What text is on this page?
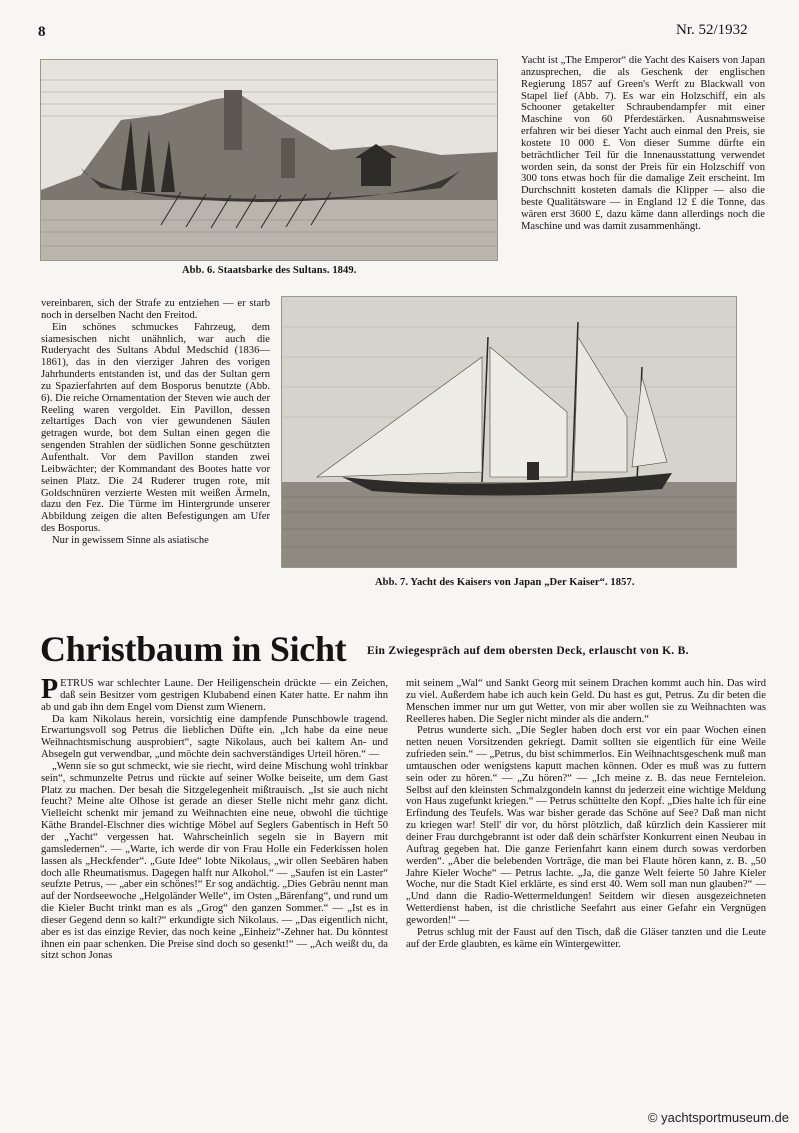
8	Nr. 52/1932
Abb. 6. Staatsbarke des Sultans. 1849.

Yacht ist „The Emperor“ die Yacht des Kaisers von Japan anzusprechen, die als Geschenk der englischen Regierung 1857 auf Green's Werft zu Blackwall von Stapel lief (Abb. 7). Es war ein Holzschiff, ein als Schooner getakelter Schraubendampfer mit einer Maschine von 60 Pferdestärken. Ausnahmsweise erfahren wir bei dieser Yacht auch einmal den Preis, sie kostete 10 000 £. Von dieser Summe dürfte ein beträchtlicher Teil für die Innenausstattung verwendet worden sein, da sonst der Preis für ein Holzschiff von 300 tons etwas hoch für die damalige Zeit erscheint. Im Durchschnitt kosteten damals die Klipper — also die beste Qualitätsware — in England 12 £ die Tonne, das wären erst 3600 £, dazu käme dann allerdings noch die Maschine und was damit zusammenhängt.

vereinbaren, sich der Strafe zu entziehen — er starb noch in derselben Nacht den Freitod.

Ein schönes schmuckes Fahrzeug, dem siamesischen nicht unähnlich, war auch die Ruderyacht des Sultans Abdul Medschid (1836—1861), das in den vierziger Jahren des vorigen Jahrhunderts entstanden ist, und das der Sultan gern zu Spazierfahrten auf dem Bosporus benutzte (Abb. 6). Die reiche Ornamentation der Steven wie auch der Reeling waren vergoldet. Ein Pavillon, dessen zeltartiges Dach von vier gewundenen Säulen getragen wurde, bot dem Sultan einen gegen die sengenden Strahlen der südlichen Sonne geschützten Aufenthalt. Vor dem Pavillon standen zwei Leibwächter; der Kommandant des Bootes hatte vor seinen Platz. Die 24 Ruderer trugen rote, mit Goldschnüren verzierte Westen mit weißen Ärmeln, dazu den Fez. Die Türme im Hintergrunde unserer Abbildung zeigen die alten Befestigungen am Ufer des Bosporus.

Nur in gewissem Sinne als asiatische

Abb. 7. Yacht des Kaisers von Japan „Der Kaiser“. 1857.
Christbaum in Sicht Ein Zwiegespräch auf dem obersten Deck, erlauscht von K. B.

PETRUS war schlechter Laune. Der Heiligenschein drückte — ein Zeichen, daß sein Besitzer vom gestrigen Klubabend einen Kater hatte. Er nahm ihn ab und gab ihn dem Engel vom Dienst zum Wienern.

Da kam Nikolaus herein, vorsichtig eine dampfende Punschbowle tragend. Erwartungsvoll sog Petrus die lieblichen Düfte ein. „Ich habe da eine neue Weihnachtsmischung ausprobiert“, sagte Nikolaus, auch bei kaltem An- und Absegeln gut verwendbar, „und möchte dein sachverständiges Urteil hören.“ —

„Wenn sie so gut schmeckt, wie sie riecht, wird deine Mischung wohl trinkbar sein“, schmunzelte Petrus und rückte auf seiner Wolke beiseite, um dem Gast Platz zu machen. Der besah die Sitzgelegenheit mißtrauisch. „Ist sie auch nicht feucht? Meine alte Olhose ist gerade an dieser Stelle nicht mehr ganz dicht. Vielleicht schenkt mir jemand zu Weihnachten eine neue, obwohl die tüchtige Käthe Brandel-Elschner dies wichtige Möbel auf Seglers Gabentisch in Heft 50 der „Yacht“ vergessen hat. Wahrscheinlich segeln sie in Bayern mit gamsledernen“. — „Warte, ich werde dir von Frau Holle ein Federkissen holen lassen als „Heckfender“. „Gute Idee“ lobte Nikolaus, „wir ollen Seebären haben doch alle Rheumatismus. Dagegen halft nur Alkohol.“ — „Saufen ist ein Laster“ seufzte Petrus, — „aber ein schönes!“ Er sog andächtig. „Dies Gebräu nennt man auf der Nordseewoche „Helgoländer Welle“, im Osten „Bärenfang“, und rund um die Kieler Bucht trinkt man es als „Grog“ den ganzen Sommer.“ — „Ist es in dieser Gegend denn so kalt?“ erkundigte sich Nikolaus. — „Das eigentlich nicht, aber es ist das einzige Revier, das noch keine „Einheiz“-Zehner hat. Du könntest ihnen ein paar schenken. Die Preise sind doch so gesenkt!“ — „Ach weißt du, da sitzt schon Jonas

mit seinem „Wal“ und Sankt Georg mit seinem Drachen kommt auch hin. Das wird zu viel. Außerdem habe ich auch kein Geld. Du hast es gut, Petrus. Zu dir beten die Menschen immer nur um gut Wetter, von mir aber wollen sie zu Weihnachten was Reelleres haben. Die Segler nicht minder als die andern.“

Petrus wunderte sich. „Die Segler haben doch erst vor ein paar Wochen einen netten neuen Vorsitzenden gekriegt. Damit sollten sie eigentlich für eine Weile zufrieden sein.“ — „Petrus, du bist schimmerlos. Ein Weihnachtsgeschenk muß man umtauschen oder wenigstens kaputt machen können. Oder es muß was zu futtern sein oder zu hören.“ — „Zu hören?“ — „Ich meine z. B. das neue Fernteleion. Selbst auf den kleinsten Schmalzgondeln kannst du jederzeit eine wichtige Meldung von Haus zugefunkt kriegen.“ — Petrus schüttelte den Kopf. „Dies halte ich für eine Erfindung des Teufels. Was war bisher gerade das Schöne auf See? Daß man nicht zu kriegen war! Stell' dir vor, du hörst plötzlich, daß kürzlich dein Kassierer mit deiner Frau durchgebrannt ist oder daß dein schärfster Konkurrent einen Neubau in Auftrag gegeben hat. Die ganze Ferienfahrt kann einem durch sowas verdorben werden“. „Aber die belebenden Vorträge, die man bei Flaute hören kann, z. B. „50 Jahre Kieler Woche“ — Petrus lachte. „Ja, die ganze Welt feierte 50 Jahre Kieler Woche, nur die Stadt Kiel erklärte, es sind erst 40. Wem soll man nun glauben?“ — „Und dann die Radio-Wettermeldungen! Seitdem wir diesen ausgezeichneten Wetterdienst haben, ist die christliche Seefahrt aus einer Gefahr ein Vergnügen geworden!“ —

Petrus schlug mit der Faust auf den Tisch, daß die Gläser tanzten und die Leute auf der Erde glaubten, es käme ein Wintergewitter.

© yachtsportmuseum.de
